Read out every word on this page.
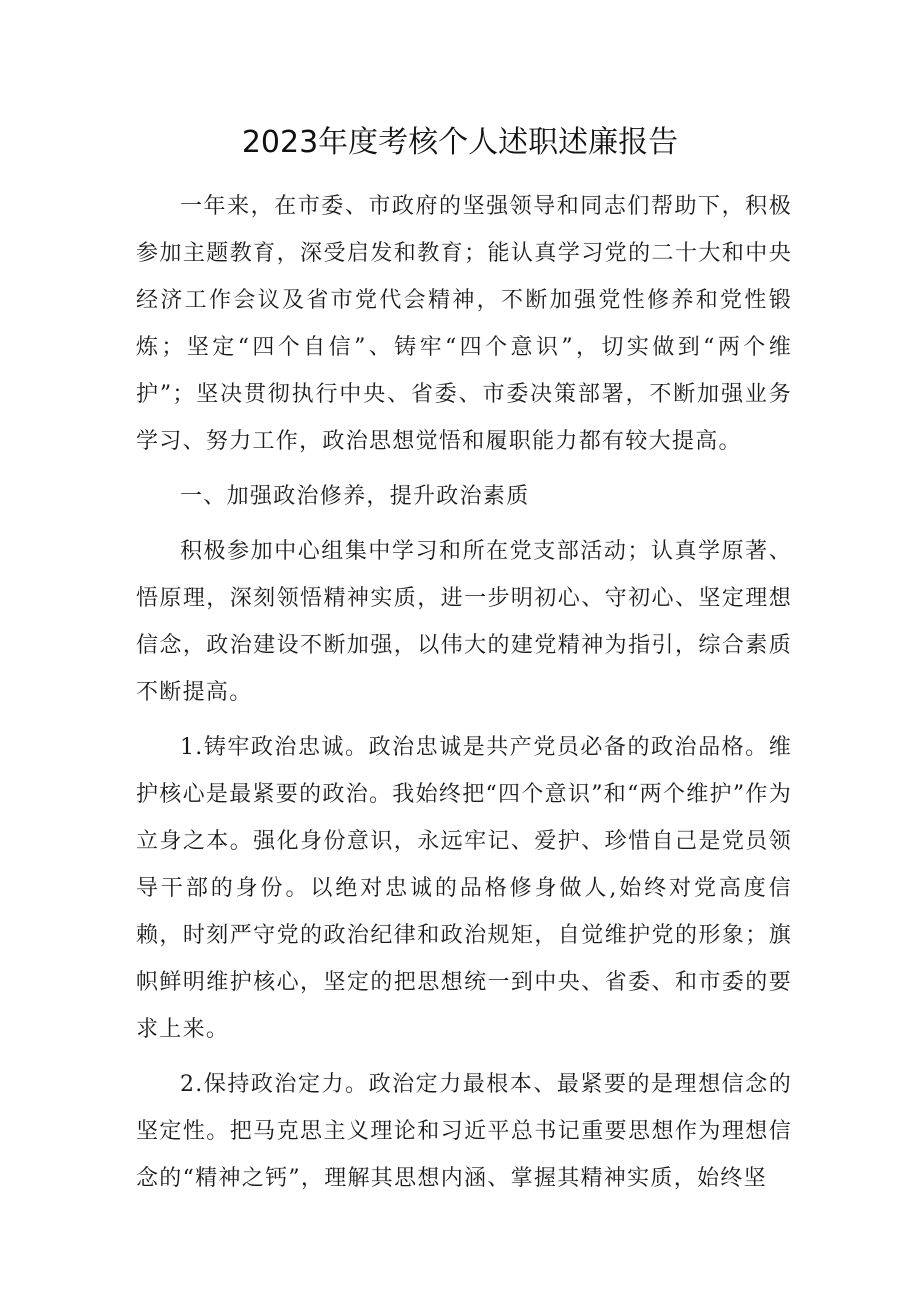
2023年度考核个人述职述廉报告

一年来，在市委、市政府的坚强领导和同志们帮助下，积极参加主题教育，深受启发和教育；能认真学习党的二十大和中央经济工作会议及省市党代会精神，不断加强党性修养和党性锻炼；坚定“四个自信”、铸牢“四个意识”，切实做到“两个维护”；坚决贯彻执行中央、省委、市委决策部署，不断加强业务学习、努力工作，政治思想觉悟和履职能力都有较大提高。

一、加强政治修养，提升政治素质

积极参加中心组集中学习和所在党支部活动；认真学原著、悟原理，深刻领悟精神实质，进一步明初心、守初心、坚定理想信念，政治建设不断加强，以伟大的建党精神为指引，综合素质不断提高。

1.铸牢政治忠诚。政治忠诚是共产党员必备的政治品格。维护核心是最紧要的政治。我始终把“四个意识”和“两个维护”作为立身之本。强化身份意识，永远牢记、爱护、珍惜自己是党员领导干部的身份。以绝对忠诚的品格修身做人,始终对党高度信赖，时刻严守党的政治纪律和政治规矩，自觉维护党的形象；旗帜鲜明维护核心，坚定的把思想统一到中央、省委、和市委的要求上来。

2.保持政治定力。政治定力最根本、最紧要的是理想信念的坚定性。把马克思主义理论和习近平总书记重要思想作为理想信念的“精神之钙”，理解其思想内涵、掌握其精神实质，始终坚
